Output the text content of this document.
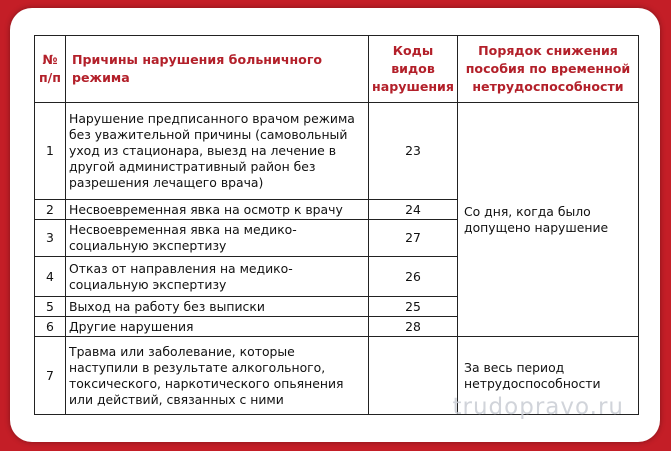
№ п/п	Причины нарушения больничного режима	Коды видов нарушения	Порядок снижения пособия по временной нетрудоспособности
1	Нарушение предписанного врачом режима без уважительной причины (самовольный уход из стационара, выезд на лечение в другой административный район без разрешения лечащего врача)	23	Со дня, когда было допущено нарушение
2	Несвоевременная явка на осмотр к врачу	24	
3	Несвоевременная явка на медико-социальную экспертизу	27	
4	Отказ от направления на медико-социальную экспертизу	26	
5	Выход на работу без выписки	25	
6	Другие нарушения	28	
7	Травма или заболевание, которые наступили в результате алкогольного, токсического, наркотического опьянения или действий, связанных с ними		За весь период нетрудоспособности
trudopravo.ru
